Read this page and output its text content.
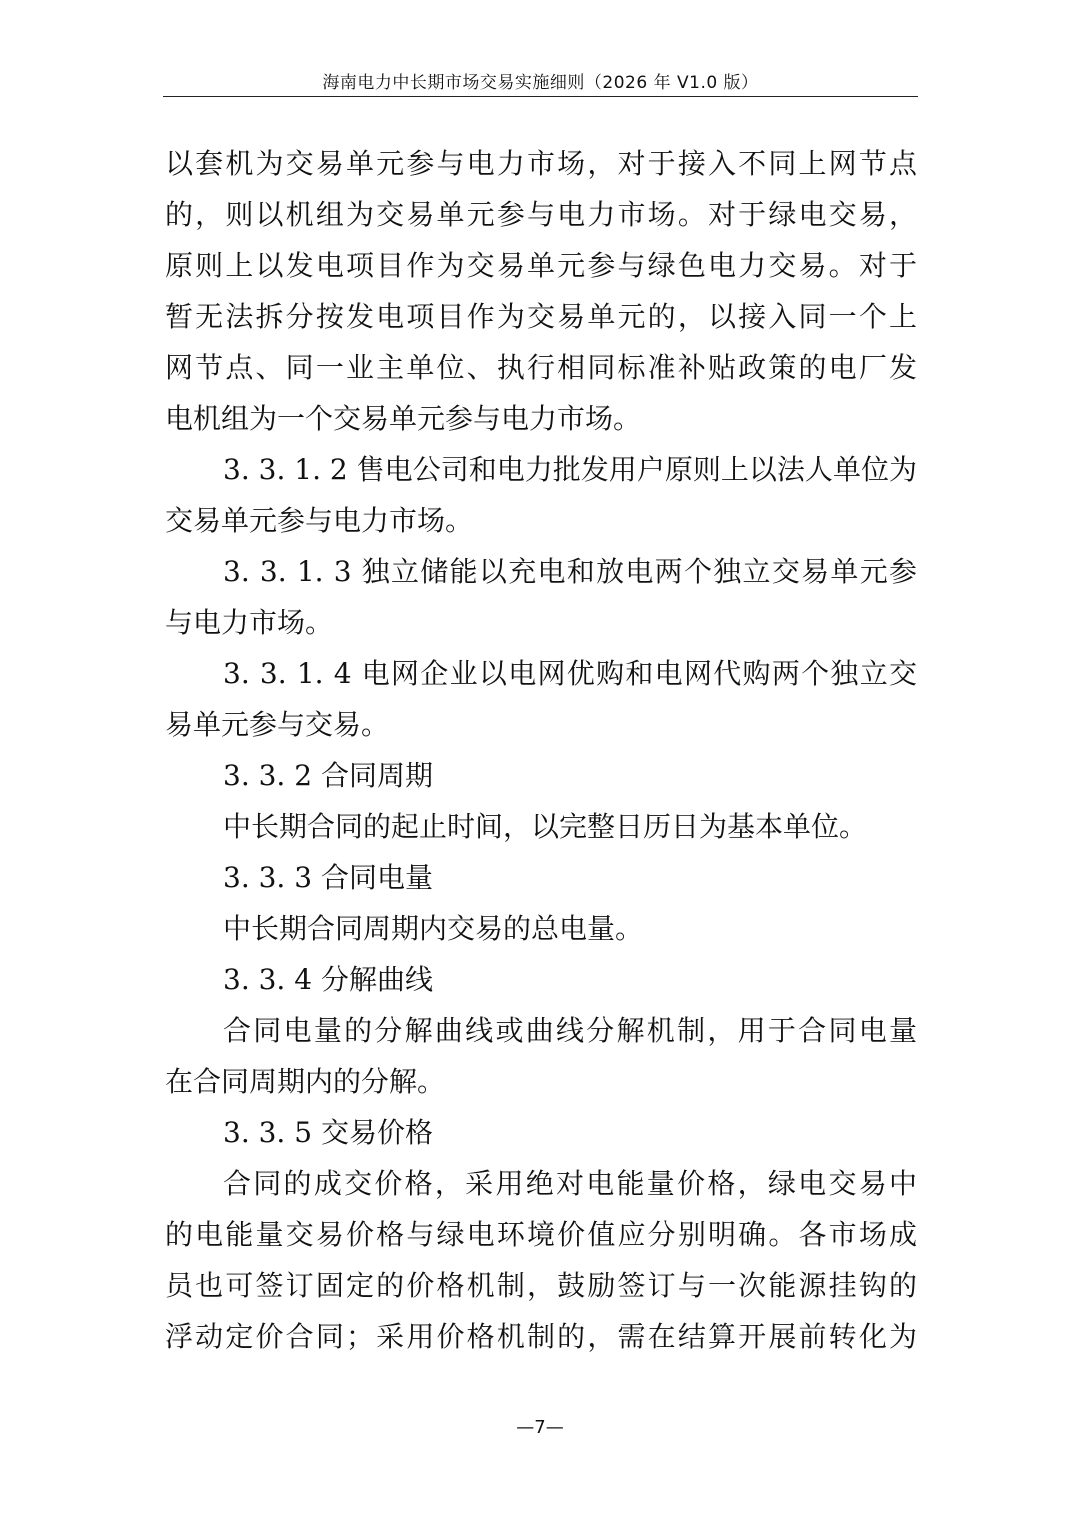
海南电力中长期市场交易实施细则（2026 年 V1.0 版）
以套机为交易单元参与电力市场，对于接入不同上网节点
的，则以机组为交易单元参与电力市场。对于绿电交易，
原则上以发电项目作为交易单元参与绿色电力交易。对于
暂无法拆分按发电项目作为交易单元的，以接入同一个上
网节点、同一业主单位、执行相同标准补贴政策的电厂发
电机组为一个交易单元参与电力市场。
3. 3. 1. 2 售电公司和电力批发用户原则上以法人单位为
交易单元参与电力市场。
3. 3. 1. 3 独立储能以充电和放电两个独立交易单元参
与电力市场。
3. 3. 1. 4 电网企业以电网优购和电网代购两个独立交
易单元参与交易。
3. 3. 2 合同周期
中长期合同的起止时间，以完整日历日为基本单位。
3. 3. 3 合同电量
中长期合同周期内交易的总电量。
3. 3. 4 分解曲线
合同电量的分解曲线或曲线分解机制，用于合同电量
在合同周期内的分解。
3. 3. 5 交易价格
合同的成交价格，采用绝对电能量价格，绿电交易中
的电能量交易价格与绿电环境价值应分别明确。各市场成
员也可签订固定的价格机制，鼓励签订与一次能源挂钩的
浮动定价合同；采用价格机制的，需在结算开展前转化为
—7—
